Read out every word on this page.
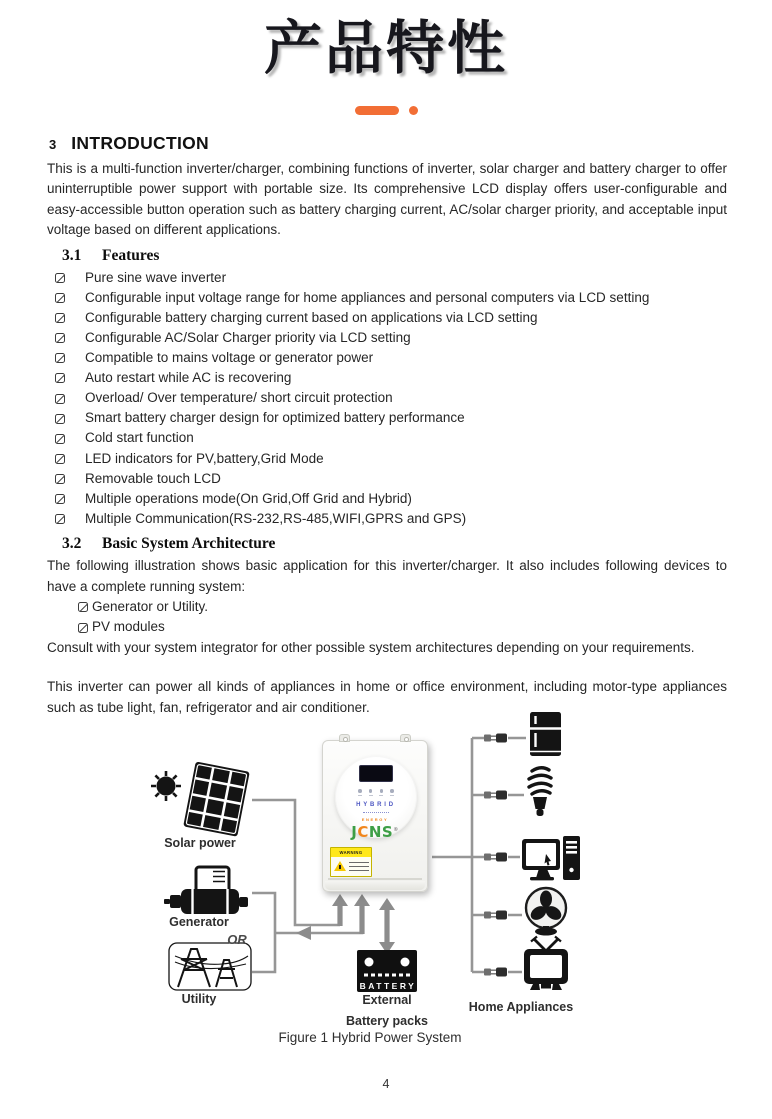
产品特性
3 INTRODUCTION

This is a multi-function inverter/charger, combining functions of inverter, solar charger and battery charger to offer uninterruptible power support with portable size. Its comprehensive LCD display offers user-configurable and easy-accessible button operation such as battery charging current, AC/solar charger priority, and acceptable input voltage based on different applications.

3.1 Features
Pure sine wave inverter
Configurable input voltage range for home appliances and personal computers via LCD setting
Configurable battery charging current based on applications via LCD setting
Configurable AC/Solar Charger priority via LCD setting
Compatible to mains voltage or generator power
Auto restart while AC is recovering
Overload/ Over temperature/ short circuit protection
Smart battery charger design for optimized battery performance
Cold start function
LED indicators for PV,battery,Grid Mode
Removable touch LCD
Multiple operations mode(On Grid,Off Grid and Hybrid)
Multiple Communication(RS-232,RS-485,WIFI,GPRS and GPS)
3.2 Basic System Architecture

The following illustration shows basic application for this inverter/charger. It also includes following devices to have a complete running system:

Generator or Utility.
PV modules

Consult with your system integrator for other possible system architectures depending on your requirements.

This inverter can power all kinds of appliances in home or office environment, including motor-type appliances such as tube light, fan, refrigerator and air conditioner.

BATTERY
Solar power
Generator
OR
Utility	External
Battery packs
Home Appliances
HYBRID
ENERGY
JCNS®
WARNING
Figure 1 Hybrid Power System
4
